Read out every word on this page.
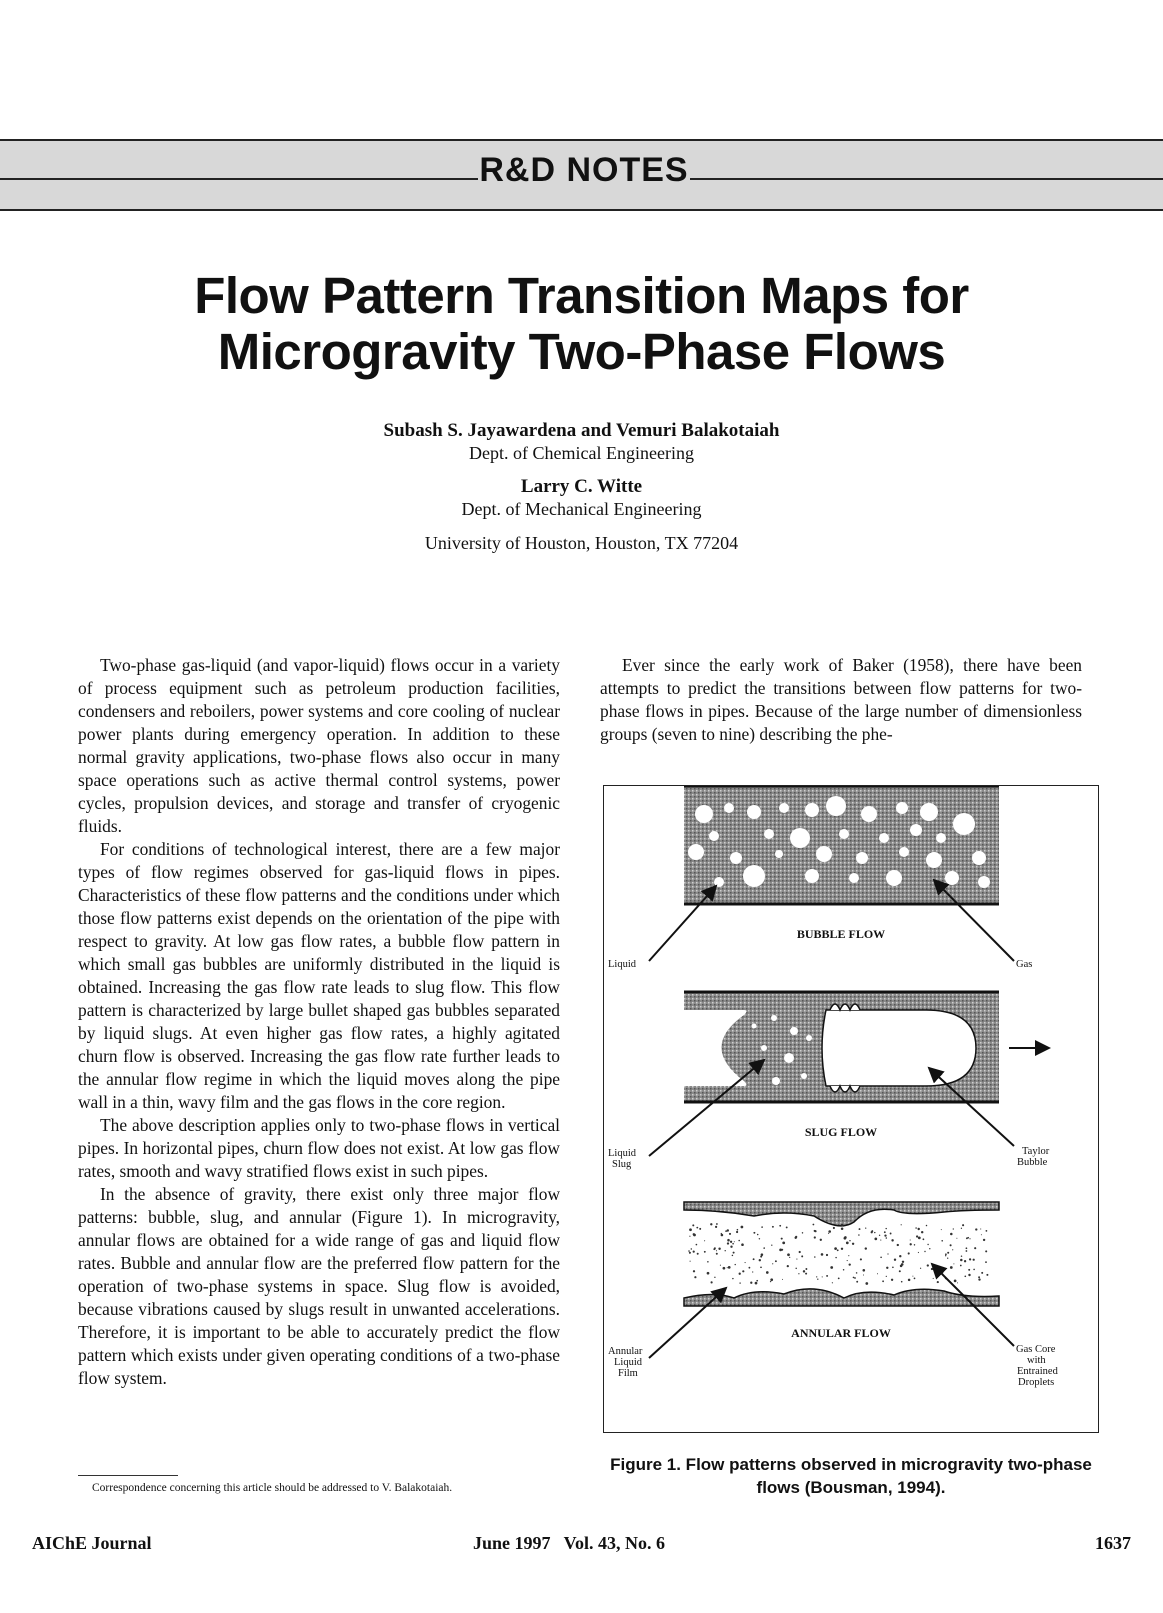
R&D NOTES
Flow Pattern Transition Maps for Microgravity Two-Phase Flows
Subash S. Jayawardena and Vemuri Balakotaiah
Dept. of Chemical Engineering
Larry C. Witte
Dept. of Mechanical Engineering
University of Houston, Houston, TX 77204

Two-phase gas-liquid (and vapor-liquid) flows occur in a variety of process equipment such as petroleum production facilities, condensers and reboilers, power systems and core cooling of nuclear power plants during emergency operation. In addition to these normal gravity applications, two-phase flows also occur in many space operations such as active thermal control systems, power cycles, propulsion devices, and storage and transfer of cryogenic fluids.

For conditions of technological interest, there are a few major types of flow regimes observed for gas-liquid flows in pipes. Characteristics of these flow patterns and the conditions under which those flow patterns exist depends on the orientation of the pipe with respect to gravity. At low gas flow rates, a bubble flow pattern in which small gas bubbles are uniformly distributed in the liquid is obtained. Increasing the gas flow rate leads to slug flow. This flow pattern is characterized by large bullet shaped gas bubbles separated by liquid slugs. At even higher gas flow rates, a highly agitated churn flow is observed. Increasing the gas flow rate further leads to the annular flow regime in which the liquid moves along the pipe wall in a thin, wavy film and the gas flows in the core region.

The above description applies only to two-phase flows in vertical pipes. In horizontal pipes, churn flow does not exist. At low gas flow rates, smooth and wavy stratified flows exist in such pipes.

In the absence of gravity, there exist only three major flow patterns: bubble, slug, and annular (Figure 1). In microgravity, annular flows are obtained for a wide range of gas and liquid flow rates. Bubble and annular flow are the preferred flow pattern for the operation of two-phase systems in space. Slug flow is avoided, because vibrations caused by slugs result in unwanted accelerations. Therefore, it is important to be able to accurately predict the flow pattern which exists under given operating conditions of a two-phase flow system.

Ever since the early work of Baker (1958), there have been attempts to predict the transitions between flow patterns for two-phase flows in pipes. Because of the large number of dimensionless groups (seven to nine) describing the phe-

Correspondence concerning this article should be addressed to V. Balakotaiah.
Liquid	Gas
BUBBLE FLOW
Liquid Slug
Taylor Bubble
SLUG FLOW
Annular Liquid Film
Gas Core with Entrained Droplets
ANNULAR FLOW
Figure 1. Flow patterns observed in microgravity two-phase flows (Bousman, 1994).
AIChE Journal	June 1997   Vol. 43, No. 6	1637
